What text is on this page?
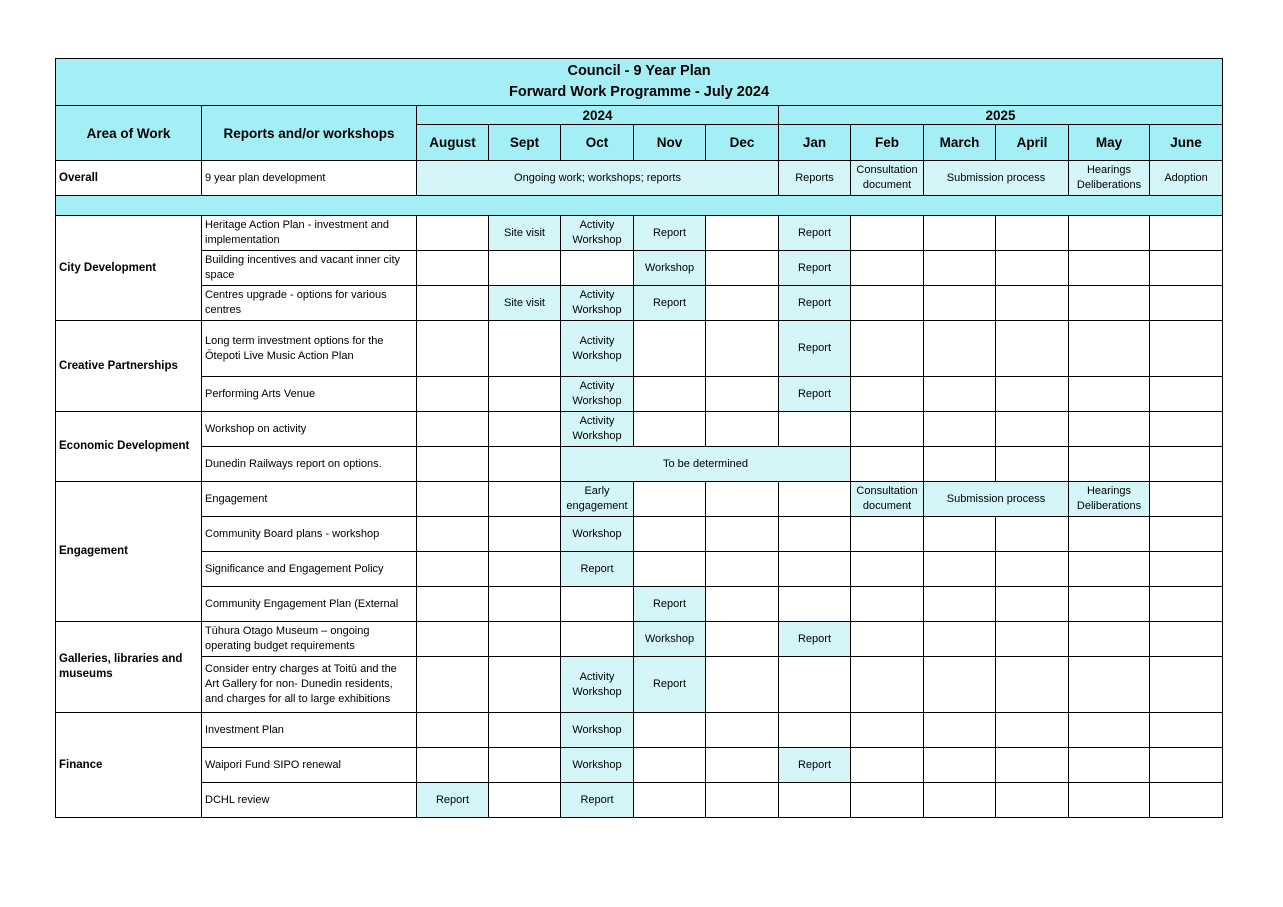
Council - 9 Year Plan
Forward Work Programme - July 2024												

Area of Work	Reports and/or workshops	2024					2025					
		August	Sept	Oct	Nov	Dec	Jan	Feb	March	April	May	June
Overall	9 year plan development	Ongoing work; workshops; reports					Reports	Consultation document	Submission process		Hearings Deliberations	Adoption

City Development	Heritage Action Plan - investment and implementation		Site visit	Activity Workshop	Report		Report					
	Building incentives and vacant inner city space				Workshop		Report					
	Centres upgrade - options for various centres		Site visit	Activity Workshop	Report		Report					
Creative Partnerships	Long term investment options for the Ōtepoti Live Music Action Plan			Activity Workshop			Report					
	Performing Arts Venue			Activity Workshop			Report					
Economic Development	Workshop on activity			Activity Workshop								
	Dunedin Railways report on options.			To be determined								
Engagement	Engagement			Early engagement				Consultation document	Submission process		Hearings Deliberations	
	Community Board plans - workshop			Workshop								
	Significance and Engagement Policy			Report								
	Community Engagement Plan (External				Report							
Galleries, libraries and museums	Tūhura Otago Museum – ongoing operating budget requirements				Workshop		Report					
	Consider entry charges at Toitū and the Art Gallery for non- Dunedin residents, and charges for all to large exhibitions			Activity Workshop	Report							
Finance	Investment Plan			Workshop								
	Waipori Fund SIPO renewal			Workshop			Report					
	DCHL review	Report		Report								
